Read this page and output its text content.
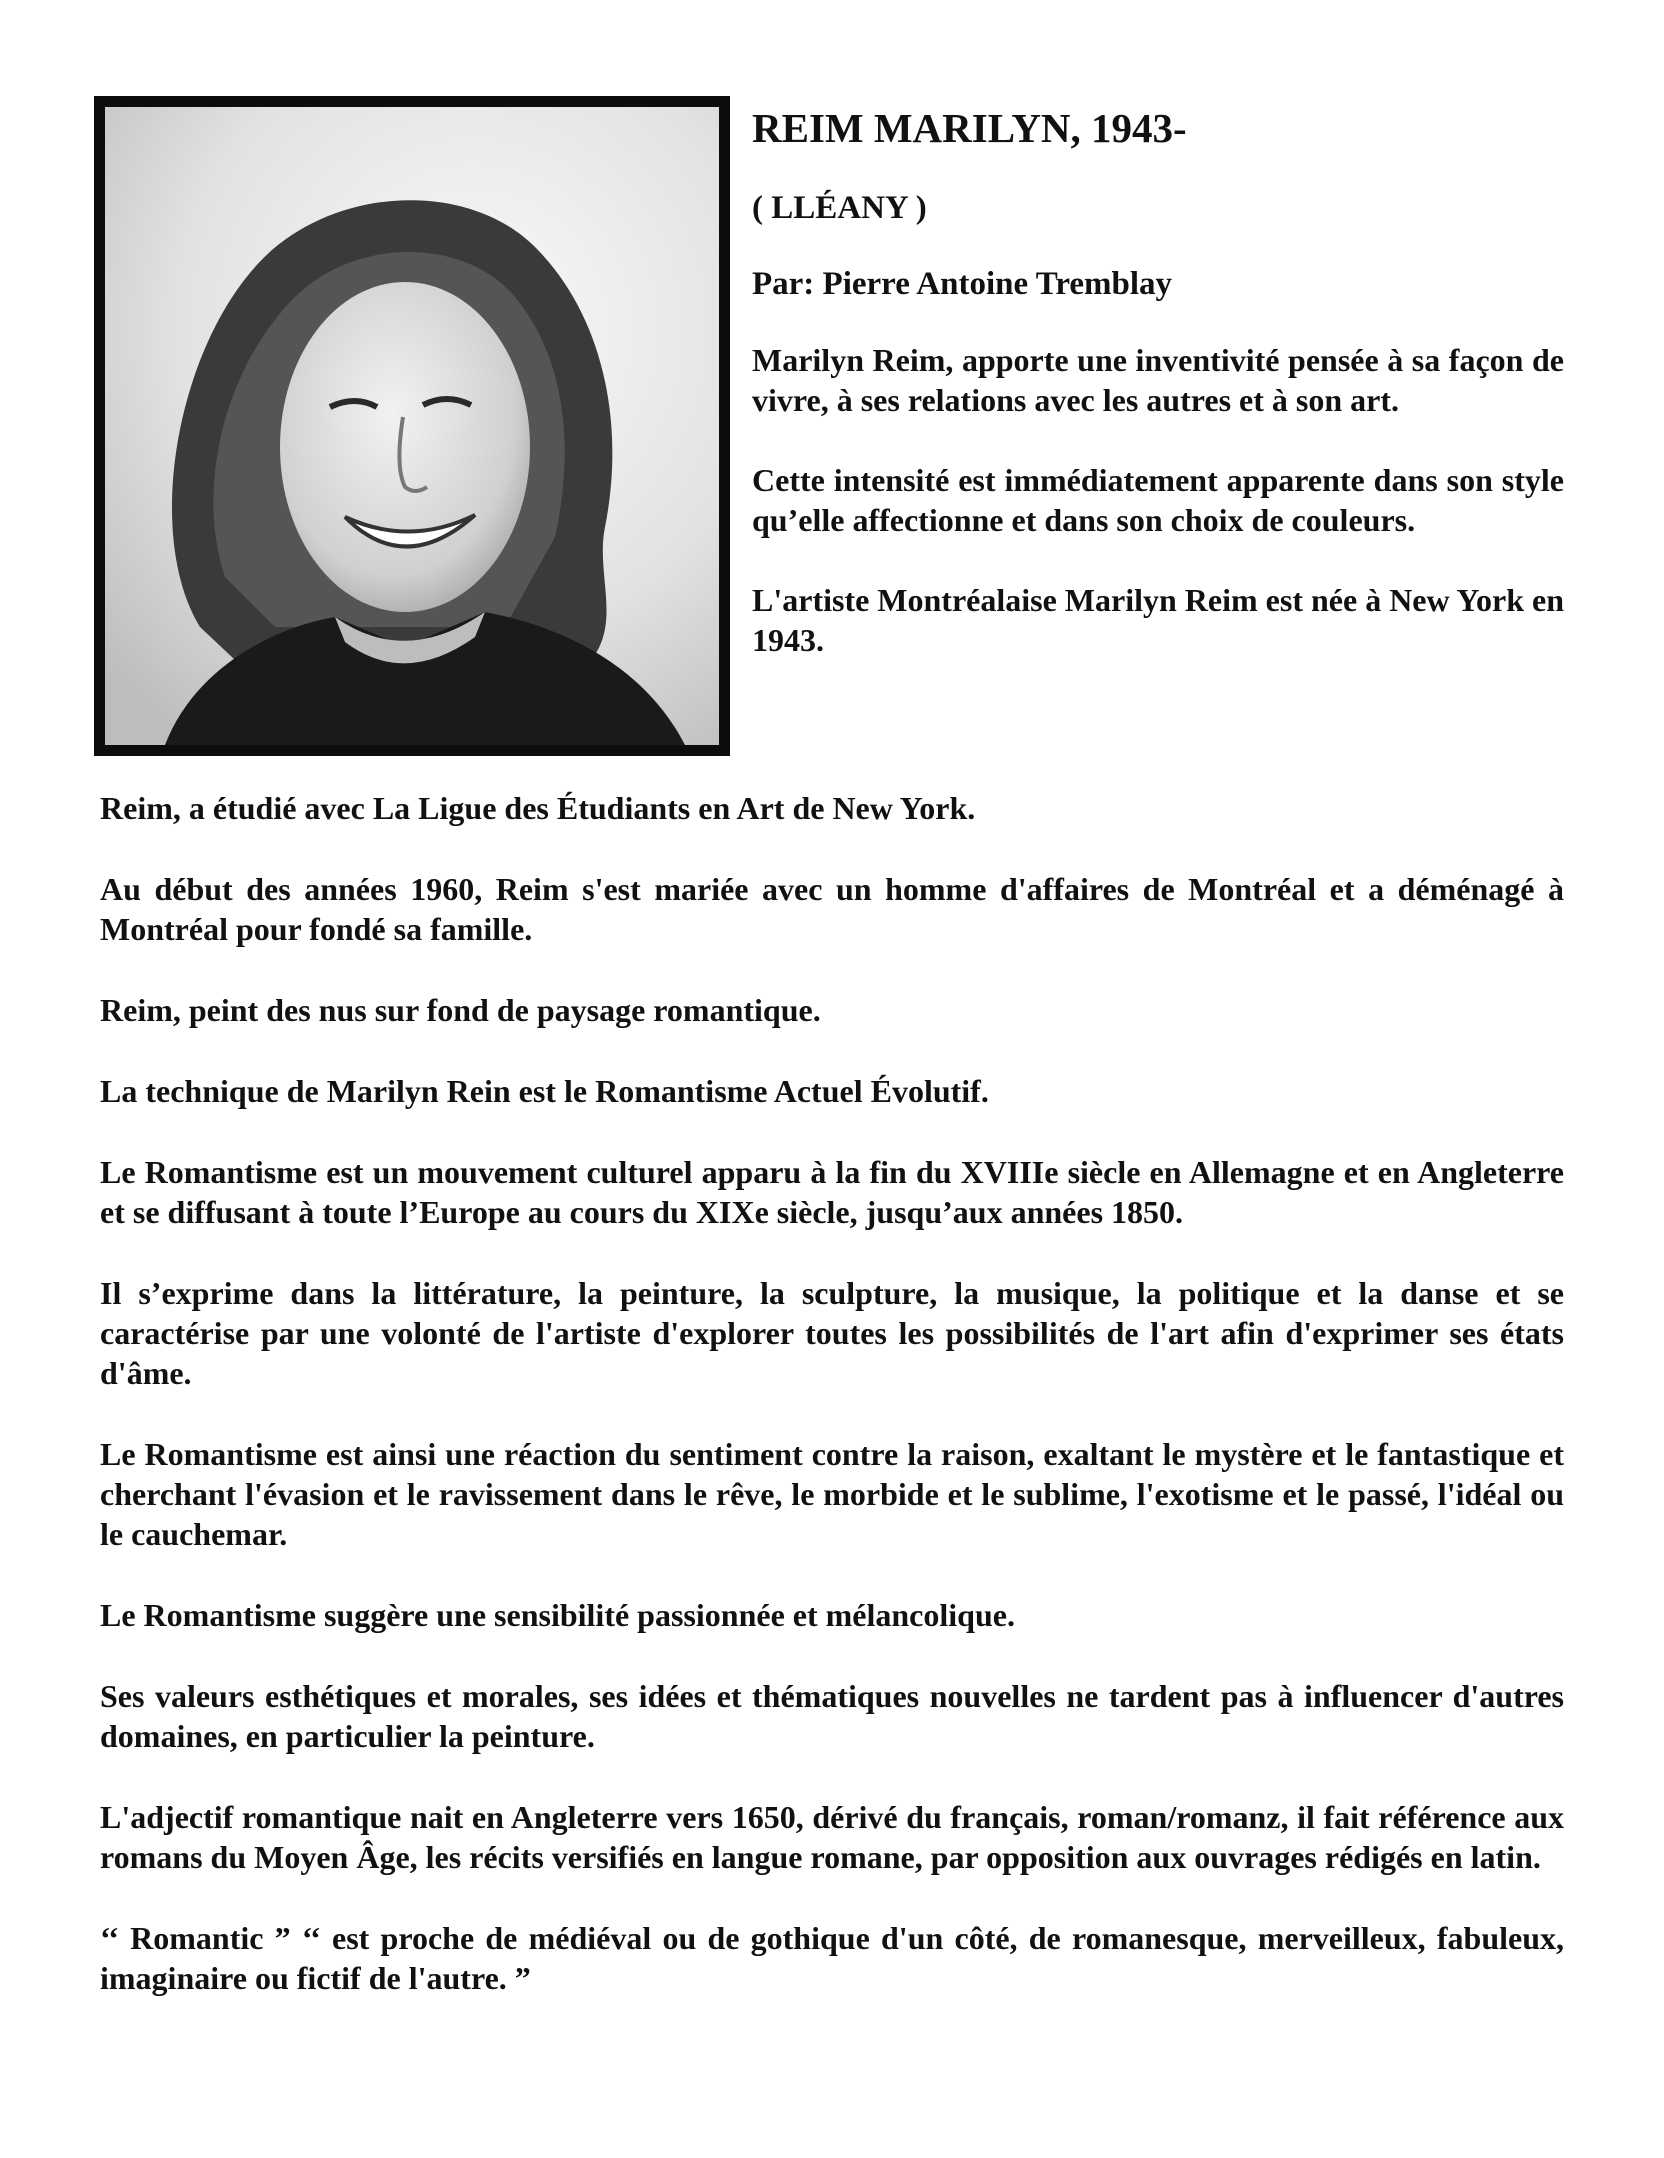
REIM MARILYN, 1943-
( LLÉANY )
Par: Pierre Antoine Tremblay

Marilyn Reim, apporte une inventivité pensée à sa façon de vivre, à ses relations avec les autres et à son art.

Cette intensité est immédiatement apparente dans son style qu’elle affectionne et dans son choix de couleurs.

L'artiste Montréalaise Marilyn Reim est née à New York en 1943.

Reim, a étudié avec La Ligue des Étudiants en Art de New York.

Au début des années 1960, Reim s'est mariée avec un homme d'affaires de Montréal et a déménagé à Montréal pour fondé sa famille.

Reim, peint des nus sur fond de paysage romantique.

La technique de Marilyn Rein est le Romantisme Actuel Évolutif.

Le Romantisme est un mouvement culturel apparu à la fin du XVIIIe siècle en Allemagne et en Angleterre et se diffusant à toute l’Europe au cours du XIXe siècle, jusqu’aux années 1850.

Il s’exprime dans la littérature, la peinture, la sculpture, la musique, la politique et la danse et se caractérise par une volonté de l'artiste d'explorer toutes les possibilités de l'art afin d'exprimer ses états d'âme.

Le Romantisme est ainsi une réaction du sentiment contre la raison, exaltant le mystère et le fantastique et cherchant l'évasion et le ravissement dans le rêve, le morbide et le sublime, l'exotisme et le passé, l'idéal ou le cauchemar.

Le Romantisme suggère une sensibilité passionnée et mélancolique.

Ses valeurs esthétiques et morales, ses idées et thématiques nouvelles ne tardent pas à influencer d'autres domaines, en particulier la peinture.

L'adjectif romantique nait en Angleterre vers 1650, dérivé du français, roman/romanz, il fait référence aux romans du Moyen Âge, les récits versifiés en langue romane, par opposition aux ouvrages rédigés en latin.

‘‘ Romantic ” ‘‘ est proche de médiéval ou de gothique d'un côté, de romanesque, merveilleux, fabuleux, imaginaire ou fictif de l'autre. ”
